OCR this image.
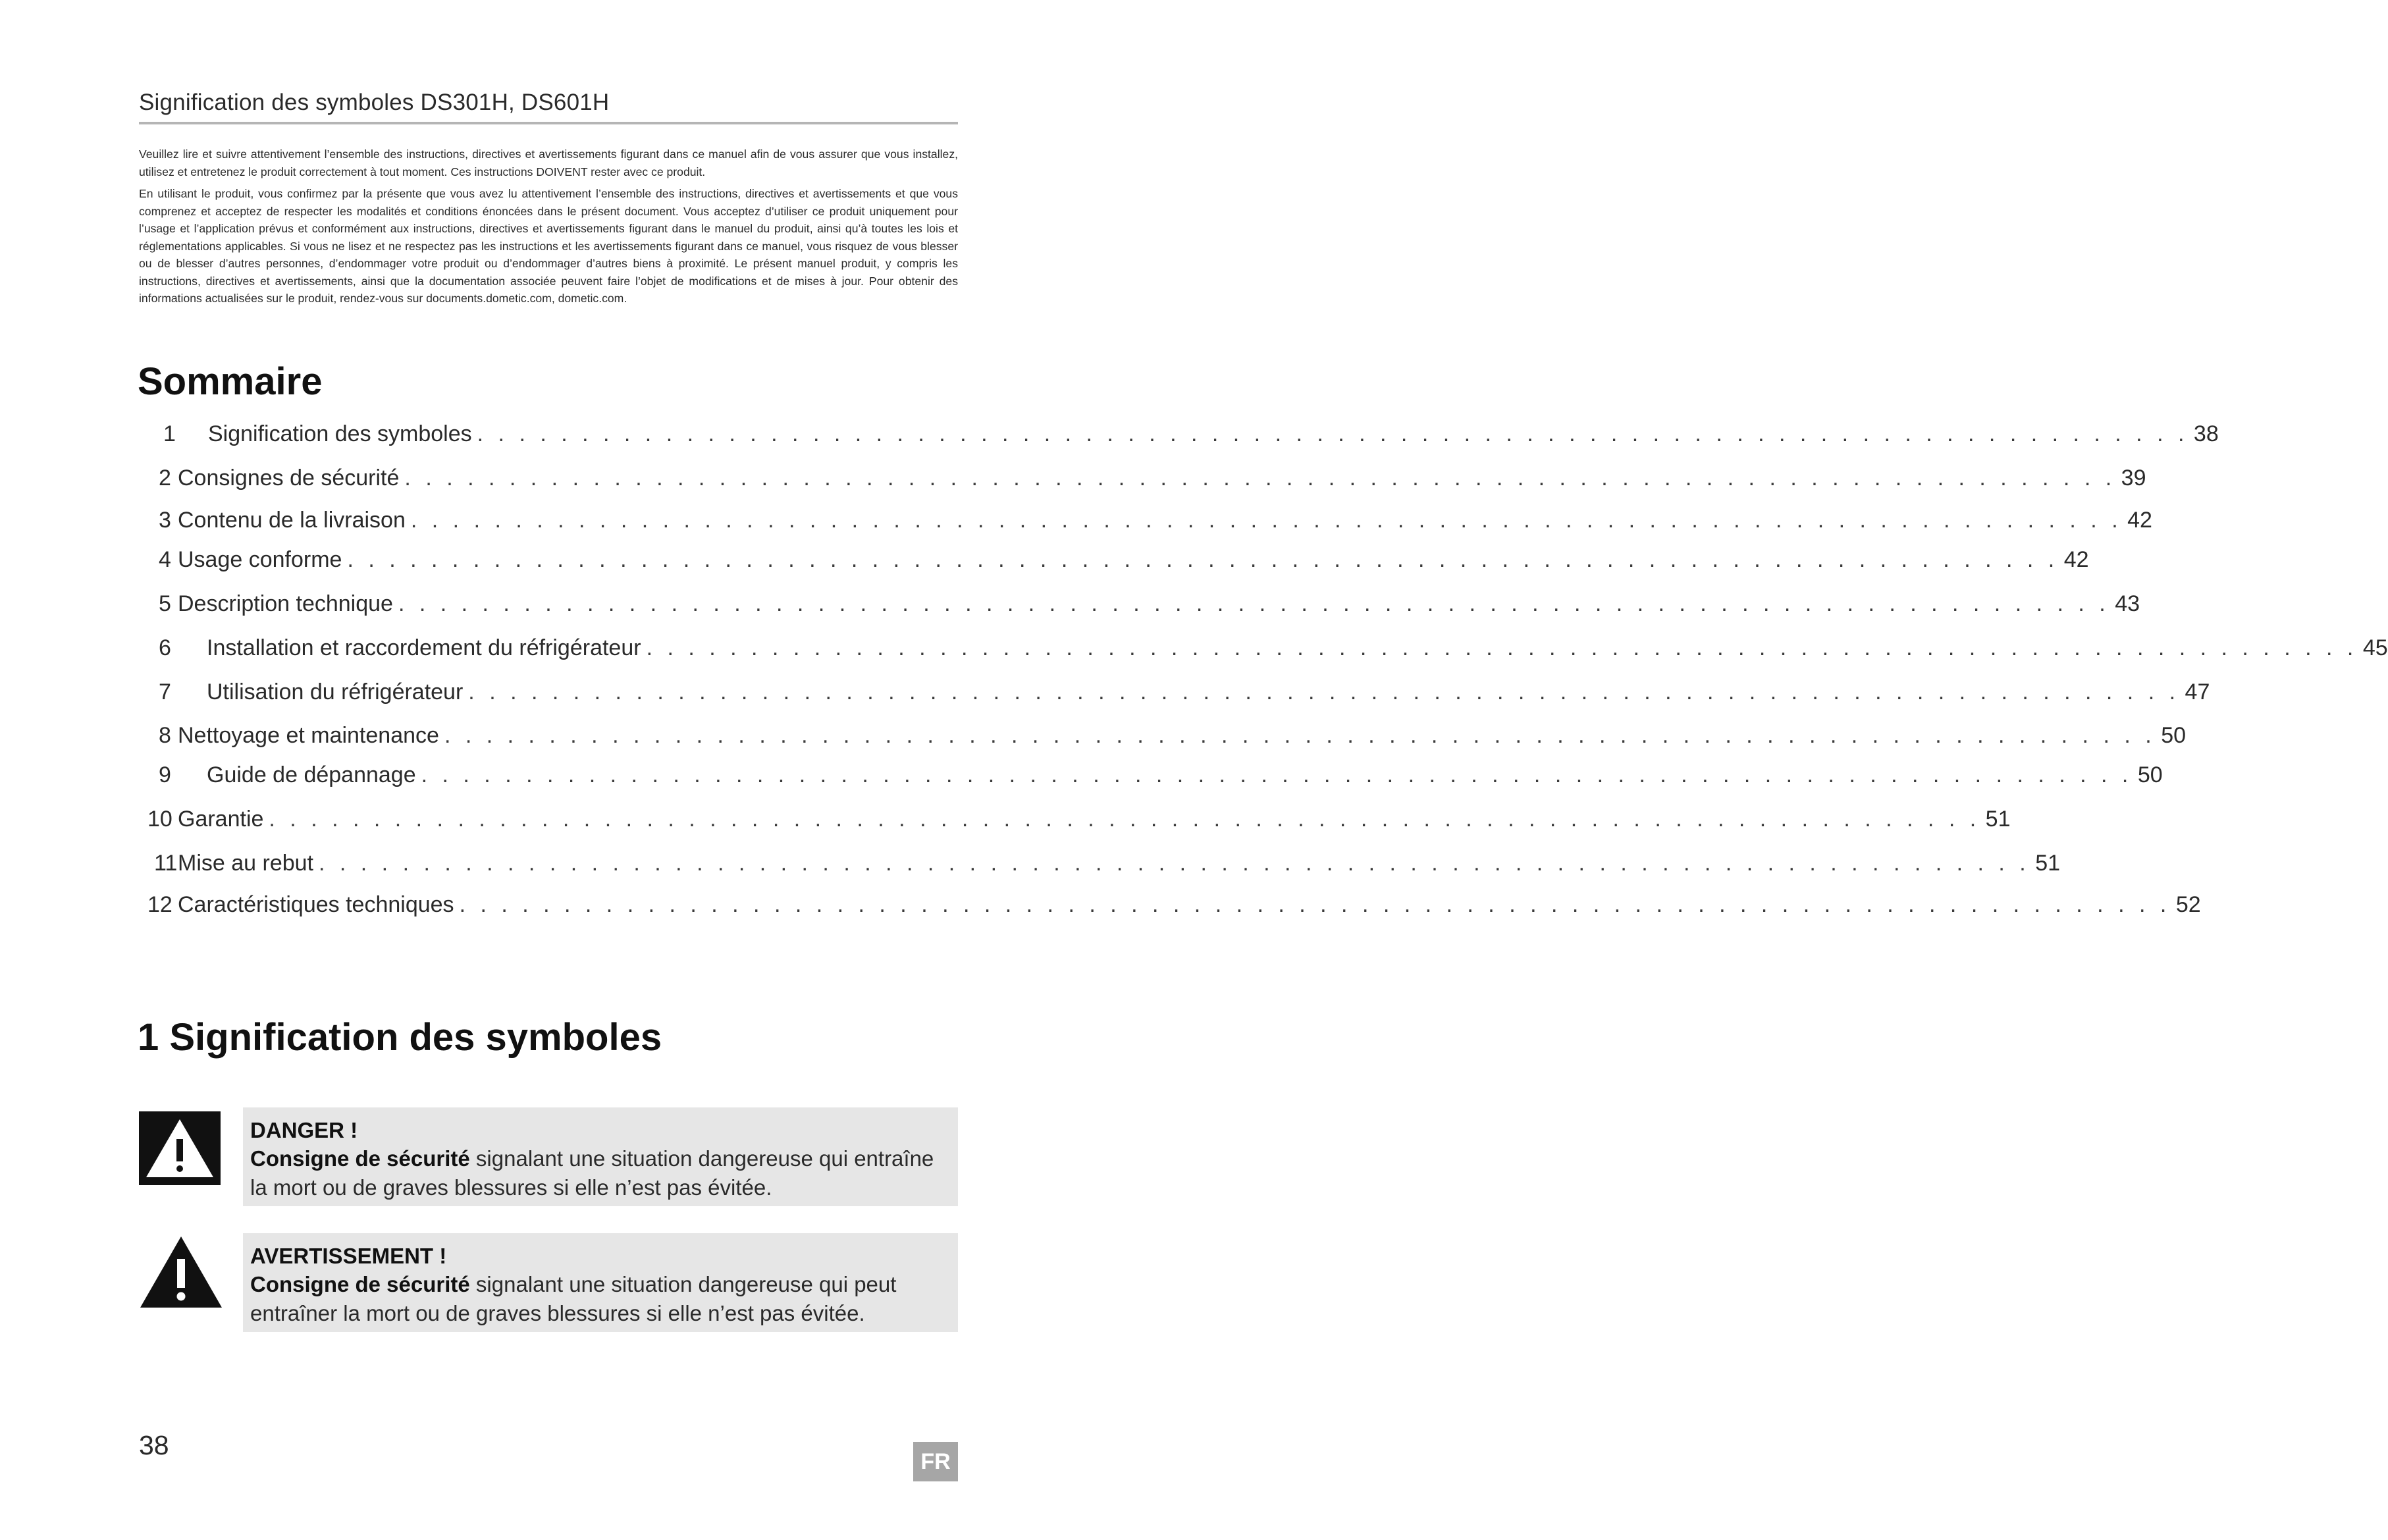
Signification des symboles DS301H, DS601H

Veuillez lire et suivre attentivement l’ensemble des instructions, directives et avertissements figurant dans ce manuel afin de vous assurer que vous installez, utilisez et entretenez le produit correctement à tout moment. Ces instructions DOIVENT rester avec ce produit.

En utilisant le produit, vous confirmez par la présente que vous avez lu attentivement l’ensemble des instructions, directives et avertissements et que vous comprenez et acceptez de respecter les modalités et conditions énoncées dans le présent document. Vous acceptez d’utiliser ce produit uniquement pour l’usage et l’application prévus et conformément aux instructions, directives et avertissements figurant dans le manuel du produit, ainsi qu’à toutes les lois et réglementations applicables. Si vous ne lisez et ne respectez pas les instructions et les avertissements figurant dans ce manuel, vous risquez de vous blesser ou de blesser d’autres personnes, d’endommager votre produit ou d’endommager d’autres biens à proximité. Le présent manuel produit, y compris les instructions, directives et avertissements, ainsi que la documentation associée peuvent faire l’objet de modifications et de mises à jour. Pour obtenir des informations actualisées sur le produit, rendez-vous sur documents.dometic.com, dometic.com.

Sommaire
1	Signification des symboles . . . . . . . . . . . . . . . . . . . . . . . . . . . . . . . . . . . . . . . . . . . . . . . . . . . . . . . . . . . . . . . . . . . . . . . . . . . . . . . . . . 38
2 Consignes de sécurité . . . . . . . . . . . . . . . . . . . . . . . . . . . . . . . . . . . . . . . . . . . . . . . . . . . . . . . . . . . . . . . . . . . . . . . . . . . . . . . . . . 39
3 Contenu de la livraison . . . . . . . . . . . . . . . . . . . . . . . . . . . . . . . . . . . . . . . . . . . . . . . . . . . . . . . . . . . . . . . . . . . . . . . . . . . . . . . . . . 42
4 Usage conforme . . . . . . . . . . . . . . . . . . . . . . . . . . . . . . . . . . . . . . . . . . . . . . . . . . . . . . . . . . . . . . . . . . . . . . . . . . . . . . . . . . 42
5 Description technique . . . . . . . . . . . . . . . . . . . . . . . . . . . . . . . . . . . . . . . . . . . . . . . . . . . . . . . . . . . . . . . . . . . . . . . . . . . . . . . . . . 43
6	Installation et raccordement du réfrigérateur . . . . . . . . . . . . . . . . . . . . . . . . . . . . . . . . . . . . . . . . . . . . . . . . . . . . . . . . . . . . . . . . . . . . . . . . . . . . . . . . . . 45
7	Utilisation du réfrigérateur . . . . . . . . . . . . . . . . . . . . . . . . . . . . . . . . . . . . . . . . . . . . . . . . . . . . . . . . . . . . . . . . . . . . . . . . . . . . . . . . . . 47
8 Nettoyage et maintenance . . . . . . . . . . . . . . . . . . . . . . . . . . . . . . . . . . . . . . . . . . . . . . . . . . . . . . . . . . . . . . . . . . . . . . . . . . . . . . . . . . 50
9	Guide de dépannage . . . . . . . . . . . . . . . . . . . . . . . . . . . . . . . . . . . . . . . . . . . . . . . . . . . . . . . . . . . . . . . . . . . . . . . . . . . . . . . . . . 50
10 Garantie . . . . . . . . . . . . . . . . . . . . . . . . . . . . . . . . . . . . . . . . . . . . . . . . . . . . . . . . . . . . . . . . . . . . . . . . . . . . . . . . . . 51
11 Mise au rebut . . . . . . . . . . . . . . . . . . . . . . . . . . . . . . . . . . . . . . . . . . . . . . . . . . . . . . . . . . . . . . . . . . . . . . . . . . . . . . . . . . 51
12 Caractéristiques techniques . . . . . . . . . . . . . . . . . . . . . . . . . . . . . . . . . . . . . . . . . . . . . . . . . . . . . . . . . . . . . . . . . . . . . . . . . . . . . . . . . . 52
1 Signification des symboles
DANGER !
Consigne de sécurité signalant une situation dangereuse qui entraîne la mort ou de graves blessures si elle n’est pas évitée.
AVERTISSEMENT !
Consigne de sécurité signalant une situation dangereuse qui peut entraîner la mort ou de graves blessures si elle n’est pas évitée.
38
FR
